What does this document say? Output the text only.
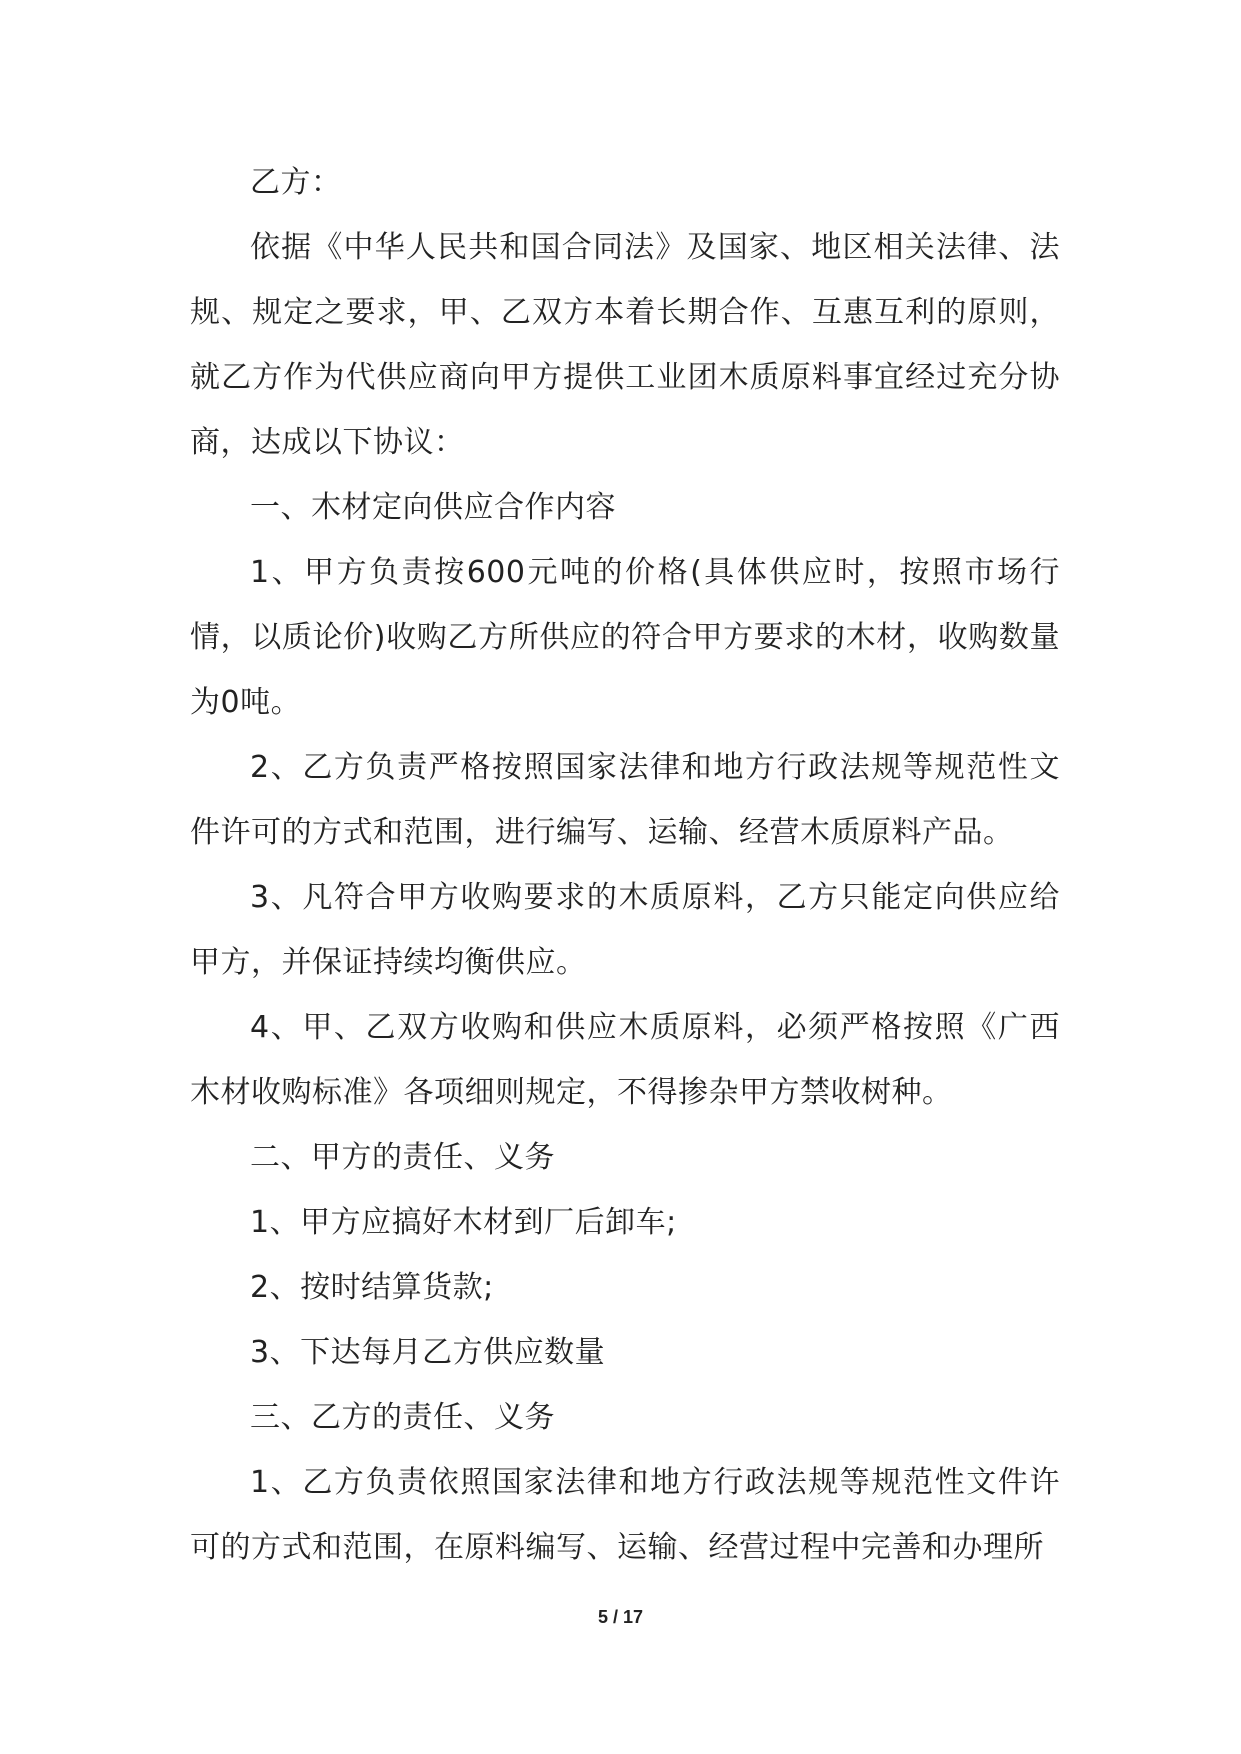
乙方：

依据《中华人民共和国合同法》及国家、地区相关法律、法规、规定之要求，甲、乙双方本着长期合作、互惠互利的原则，就乙方作为代供应商向甲方提供工业团木质原料事宜经过充分协商，达成以下协议：

一、木材定向供应合作内容

1、甲方负责按600元吨的价格(具体供应时，按照市场行情，以质论价)收购乙方所供应的符合甲方要求的木材，收购数量为0吨。

2、乙方负责严格按照国家法律和地方行政法规等规范性文件许可的方式和范围，进行编写、运输、经营木质原料产品。

3、凡符合甲方收购要求的木质原料，乙方只能定向供应给甲方，并保证持续均衡供应。

4、甲、乙双方收购和供应木质原料，必须严格按照《广西木材收购标准》各项细则规定，不得掺杂甲方禁收树种。

二、甲方的责任、义务

1、甲方应搞好木材到厂后卸车;

2、按时结算货款;

3、下达每月乙方供应数量

三、乙方的责任、义务

1、乙方负责依照国家法律和地方行政法规等规范性文件许可的方式和范围，在原料编写、运输、经营过程中完善和办理所

5 / 17
